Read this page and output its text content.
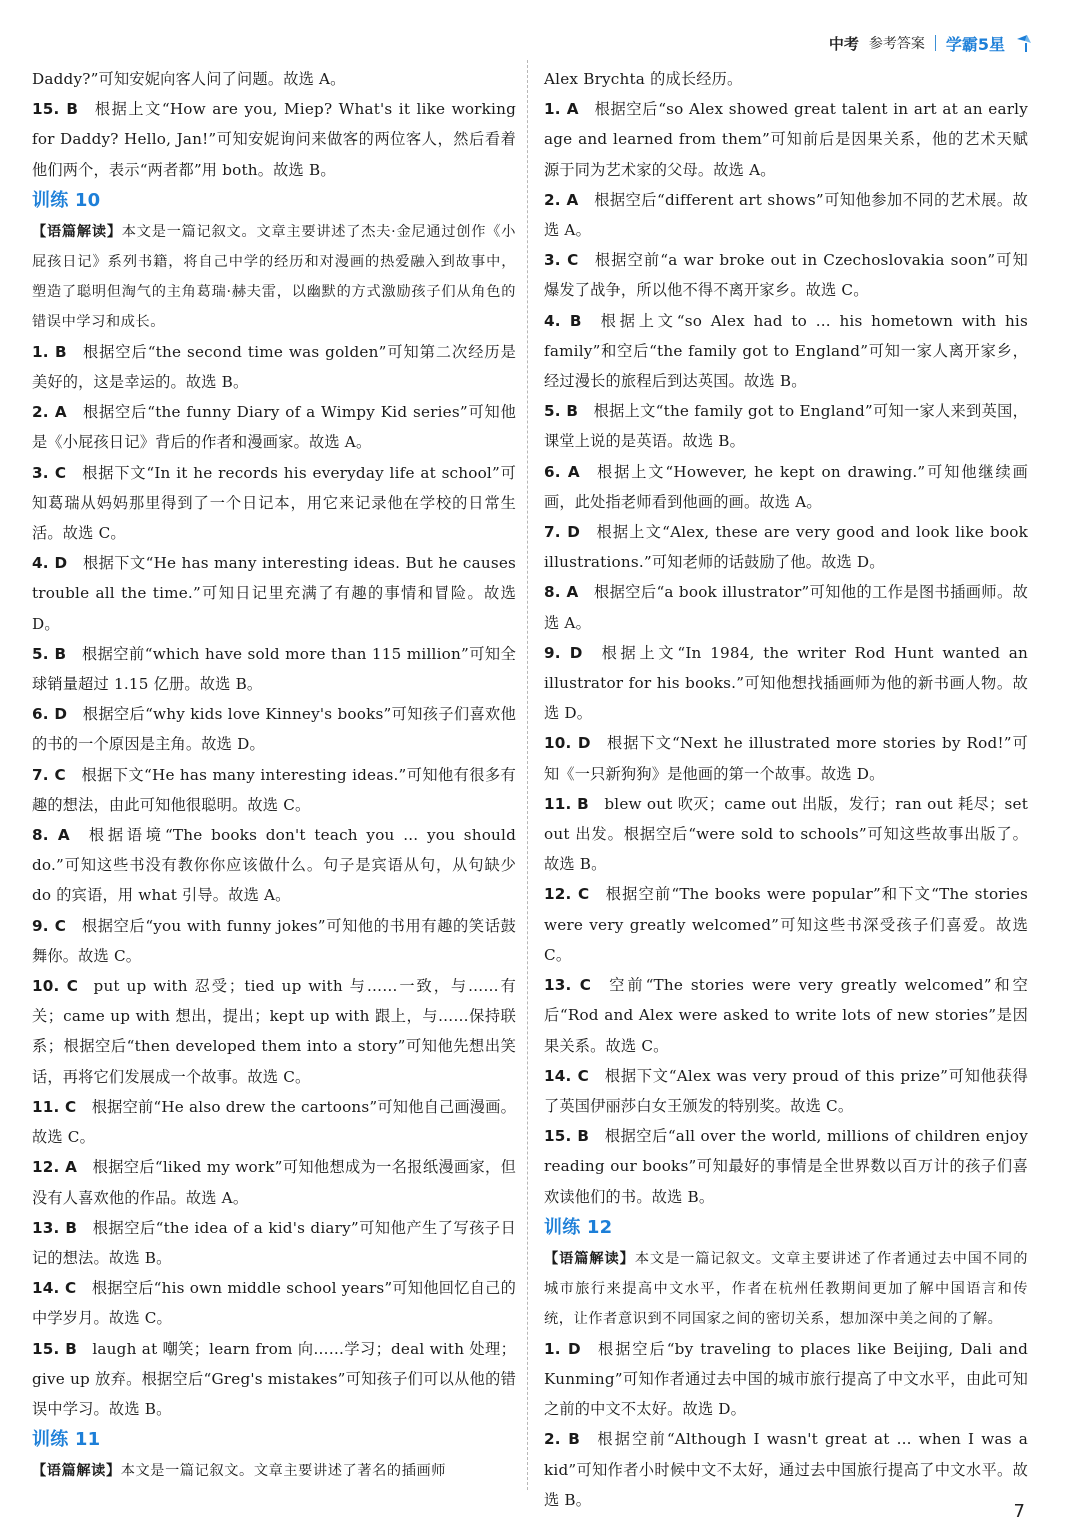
中考 参考答案 学霸5星

Daddy?”可知安妮向客人问了问题。故选 A。

15. B  根据上文“How are you, Miep? What's it like working for Daddy? Hello, Jan!”可知安妮询问来做客的两位客人，然后看着他们两个，表示“两者都”用 both。故选 B。

训练 10

【语篇解读】本文是一篇记叙文。文章主要讲述了杰夫·金尼通过创作《小屁孩日记》系列书籍，将自己中学的经历和对漫画的热爱融入到故事中，塑造了聪明但淘气的主角葛瑞·赫夫雷，以幽默的方式激励孩子们从角色的错误中学习和成长。

1. B  根据空后“the second time was golden”可知第二次经历是美好的，这是幸运的。故选 B。

2. A  根据空后“the funny Diary of a Wimpy Kid series”可知他是《小屁孩日记》背后的作者和漫画家。故选 A。

3. C  根据下文“In it he records his everyday life at school”可知葛瑞从妈妈那里得到了一个日记本，用它来记录他在学校的日常生活。故选 C。

4. D  根据下文“He has many interesting ideas. But he causes trouble all the time.”可知日记里充满了有趣的事情和冒险。故选 D。

5. B  根据空前“which have sold more than 115 million”可知全球销量超过 1.15 亿册。故选 B。

6. D  根据空后“why kids love Kinney's books”可知孩子们喜欢他的书的一个原因是主角。故选 D。

7. C  根据下文“He has many interesting ideas.”可知他有很多有趣的想法，由此可知他很聪明。故选 C。

8. A  根据语境“The books don't teach you ... you should do.”可知这些书没有教你你应该做什么。句子是宾语从句，从句缺少 do 的宾语，用 what 引导。故选 A。

9. C  根据空后“you with funny jokes”可知他的书用有趣的笑话鼓舞你。故选 C。

10. C  put up with 忍受；tied up with 与……一致，与……有关；came up with 想出，提出；kept up with 跟上，与……保持联系；根据空后“then developed them into a story”可知他先想出笑话，再将它们发展成一个故事。故选 C。

11. C  根据空前“He also drew the cartoons”可知他自己画漫画。故选 C。

12. A  根据空后“liked my work”可知他想成为一名报纸漫画家，但没有人喜欢他的作品。故选 A。

13. B  根据空后“the idea of a kid's diary”可知他产生了写孩子日记的想法。故选 B。

14. C  根据空后“his own middle school years”可知他回忆自己的中学岁月。故选 C。

15. B  laugh at 嘲笑；learn from 向……学习；deal with 处理；give up 放弃。根据空后“Greg's mistakes”可知孩子们可以从他的错误中学习。故选 B。

训练 11

【语篇解读】本文是一篇记叙文。文章主要讲述了著名的插画师

Alex Brychta 的成长经历。

1. A  根据空后“so Alex showed great talent in art at an early age and learned from them”可知前后是因果关系，他的艺术天赋源于同为艺术家的父母。故选 A。

2. A  根据空后“different art shows”可知他参加不同的艺术展。故选 A。

3. C  根据空前“a war broke out in Czechoslovakia soon”可知爆发了战争，所以他不得不离开家乡。故选 C。

4. B  根据上文“so Alex had to ... his hometown with his family”和空后“the family got to England”可知一家人离开家乡，经过漫长的旅程后到达英国。故选 B。

5. B  根据上文“the family got to England”可知一家人来到英国，课堂上说的是英语。故选 B。

6. A  根据上文“However, he kept on drawing.”可知他继续画画，此处指老师看到他画的画。故选 A。

7. D  根据上文“Alex, these are very good and look like book illustrations.”可知老师的话鼓励了他。故选 D。

8. A  根据空后“a book illustrator”可知他的工作是图书插画师。故选 A。

9. D  根据上文“In 1984, the writer Rod Hunt wanted an illustrator for his books.”可知他想找插画师为他的新书画人物。故选 D。

10. D  根据下文“Next he illustrated more stories by Rod!”可知《一只新狗狗》是他画的第一个故事。故选 D。

11. B  blew out 吹灭；came out 出版，发行；ran out 耗尽；set out 出发。根据空后“were sold to schools”可知这些故事出版了。故选 B。

12. C  根据空前“The books were popular”和下文“The stories were very greatly welcomed”可知这些书深受孩子们喜爱。故选 C。

13. C  空前“The stories were very greatly welcomed”和空后“Rod and Alex were asked to write lots of new stories”是因果关系。故选 C。

14. C  根据下文“Alex was very proud of this prize”可知他获得了英国伊丽莎白女王颁发的特别奖。故选 C。

15. B  根据空后“all over the world, millions of children enjoy reading our books”可知最好的事情是全世界数以百万计的孩子们喜欢读他们的书。故选 B。

训练 12

【语篇解读】本文是一篇记叙文。文章主要讲述了作者通过去中国不同的城市旅行来提高中文水平，作者在杭州任教期间更加了解中国语言和传统，让作者意识到不同国家之间的密切关系，想加深中美之间的了解。

1. D  根据空后“by traveling to places like Beijing, Dali and Kunming”可知作者通过去中国的城市旅行提高了中文水平，由此可知之前的中文不太好。故选 D。

2. B  根据空前“Although I wasn't great at ... when I was a kid”可知作者小时候中文不太好，通过去中国旅行提高了中文水平。故选 B。

7
